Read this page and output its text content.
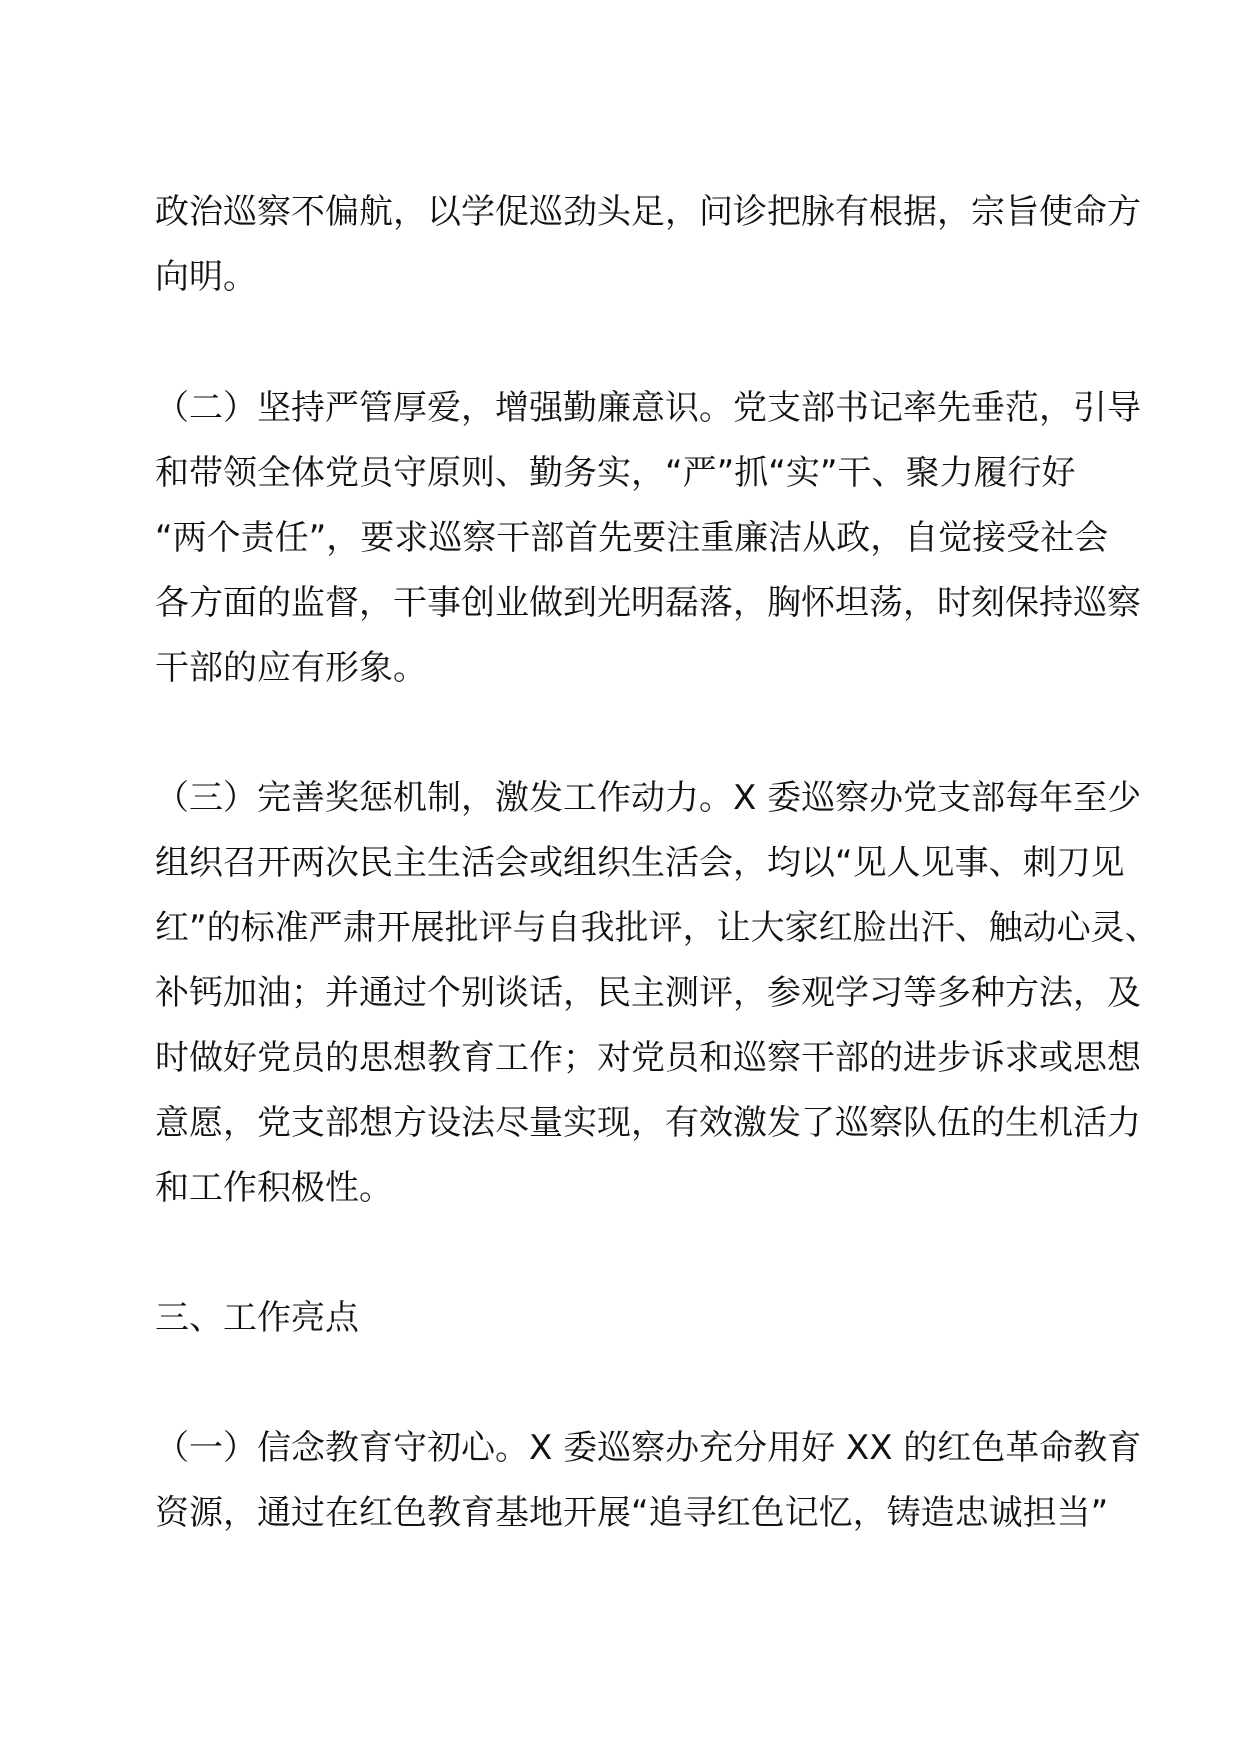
政治巡察不偏航，以学促巡劲头足，问诊把脉有根据，宗旨使命方
向明。
（二）坚持严管厚爱，增强勤廉意识。党支部书记率先垂范，引导
和带领全体党员守原则、勤务实，“严”抓“实”干、聚力履行好
“两个责任”，要求巡察干部首先要注重廉洁从政，自觉接受社会
各方面的监督，干事创业做到光明磊落，胸怀坦荡，时刻保持巡察
干部的应有形象。
（三）完善奖惩机制，激发工作动力。X 委巡察办党支部每年至少
组织召开两次民主生活会或组织生活会，均以“见人见事、刺刀见
红”的标准严肃开展批评与自我批评，让大家红脸出汗、触动心灵、
补钙加油；并通过个别谈话，民主测评，参观学习等多种方法，及
时做好党员的思想教育工作；对党员和巡察干部的进步诉求或思想
意愿，党支部想方设法尽量实现，有效激发了巡察队伍的生机活力
和工作积极性。
三、工作亮点
（一）信念教育守初心。X 委巡察办充分用好 XX 的红色革命教育
资源，通过在红色教育基地开展“追寻红色记忆，铸造忠诚担当”
